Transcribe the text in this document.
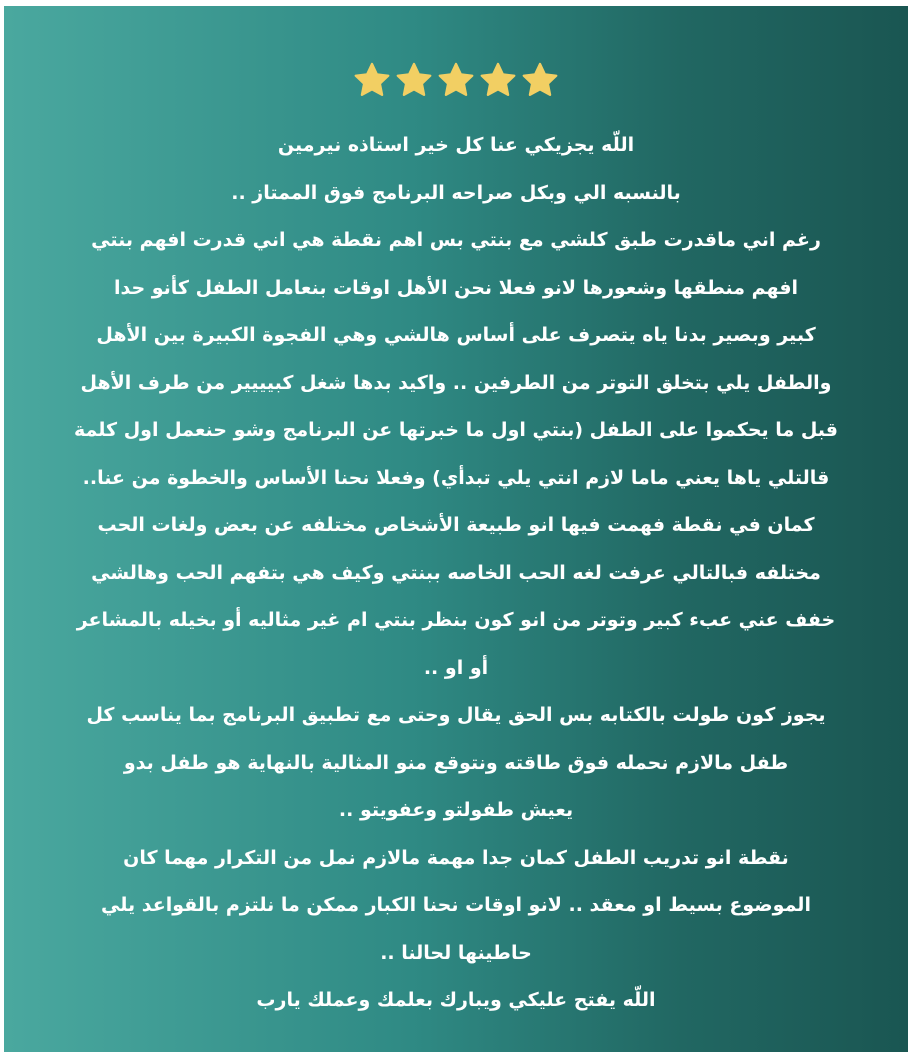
اللّه يجزيكي عنا كل خير استاذه نيرمين
بالنسبه الي وبكل صراحه البرنامج فوق الممتاز ..
رغم اني ماقدرت طبق كلشي مع بنتي بس اهم نقطة هي اني قدرت افهم بنتي
افهم منطقها وشعورها لانو فعلا نحن الأهل اوقات بنعامل الطفل كأنو حدا
كبير وبصير بدنا ياه يتصرف على أساس هالشي وهي الفجوة الكبيرة بين الأهل
والطفل يلي بتخلق التوتر من الطرفين .. واكيد بدها شغل كبيييير من طرف الأهل
قبل ما يحكموا على الطفل (بنتي اول ما خبرتها عن البرنامج وشو حنعمل اول كلمة
قالتلي ياها يعني ماما لازم انتي يلي تبدأي) وفعلا نحنا الأساس والخطوة من عنا..
كمان في نقطة فهمت فيها انو طبيعة الأشخاص مختلفه عن بعض ولغات الحب
مختلفه فبالتالي عرفت لغه الحب الخاصه ببنتي وكيف هي بتفهم الحب وهالشي
خفف عني عبء كبير وتوتر من انو كون بنظر بنتي ام غير مثاليه أو بخيله بالمشاعر
أو او ..
يجوز كون طولت بالكتابه بس الحق يقال وحتى مع تطبيق البرنامج بما يناسب كل
طفل مالازم نحمله فوق طاقته ونتوقع منو المثالية بالنهاية هو طفل بدو
يعيش طفولتو وعفويتو ..
نقطة انو تدريب الطفل كمان جدا مهمة مالازم نمل من التكرار مهما كان
الموضوع بسيط او معقد .. لانو اوقات نحنا الكبار ممكن ما نلتزم بالقواعد يلي
حاطينها لحالنا ..
اللّه يفتح عليكي ويبارك بعلمك وعملك يارب
